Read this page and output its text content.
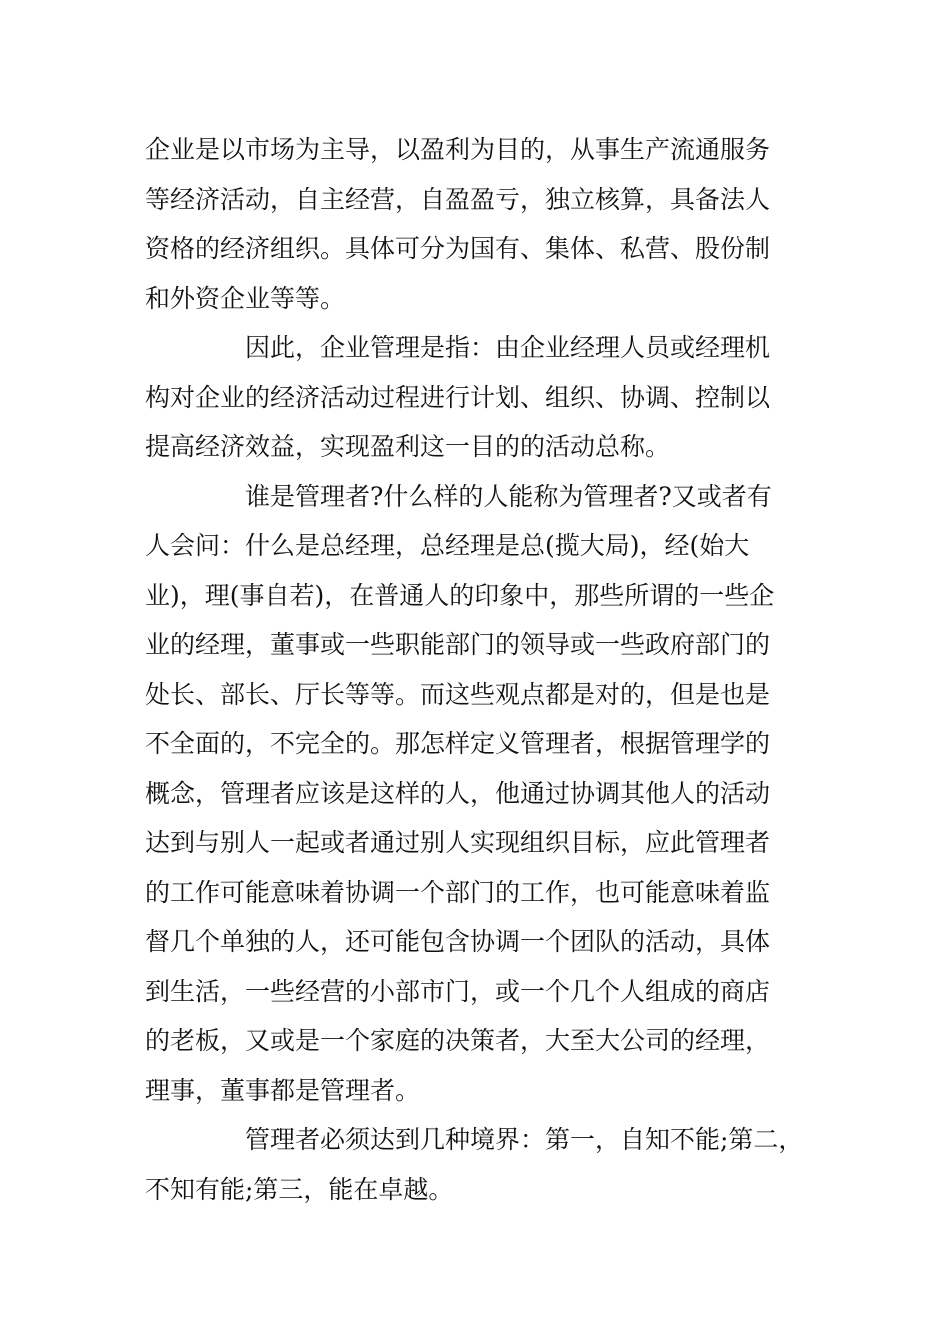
企业是以市场为主导，以盈利为目的，从事生产流通服务
等经济活动，自主经营，自盈盈亏，独立核算，具备法人
资格的经济组织。具体可分为国有、集体、私营、股份制
和外资企业等等。

因此，企业管理是指：由企业经理人员或经理机
构对企业的经济活动过程进行计划、组织、协调、控制以
提高经济效益，实现盈利这一目的的活动总称。

谁是管理者?什么样的人能称为管理者?又或者有
人会问：什么是总经理，总经理是总(揽大局)，经(始大
业)，理(事自若)，在普通人的印象中，那些所谓的一些企
业的经理，董事或一些职能部门的领导或一些政府部门的
处长、部长、厅长等等。而这些观点都是对的，但是也是
不全面的，不完全的。那怎样定义管理者，根据管理学的
概念，管理者应该是这样的人，他通过协调其他人的活动
达到与别人一起或者通过别人实现组织目标，应此管理者
的工作可能意味着协调一个部门的工作，也可能意味着监
督几个单独的人，还可能包含协调一个团队的活动，具体
到生活，一些经营的小部市门，或一个几个人组成的商店
的老板，又或是一个家庭的决策者，大至大公司的经理，
理事，董事都是管理者。

管理者必须达到几种境界：第一，自知不能;第二，
不知有能;第三，能在卓越。
